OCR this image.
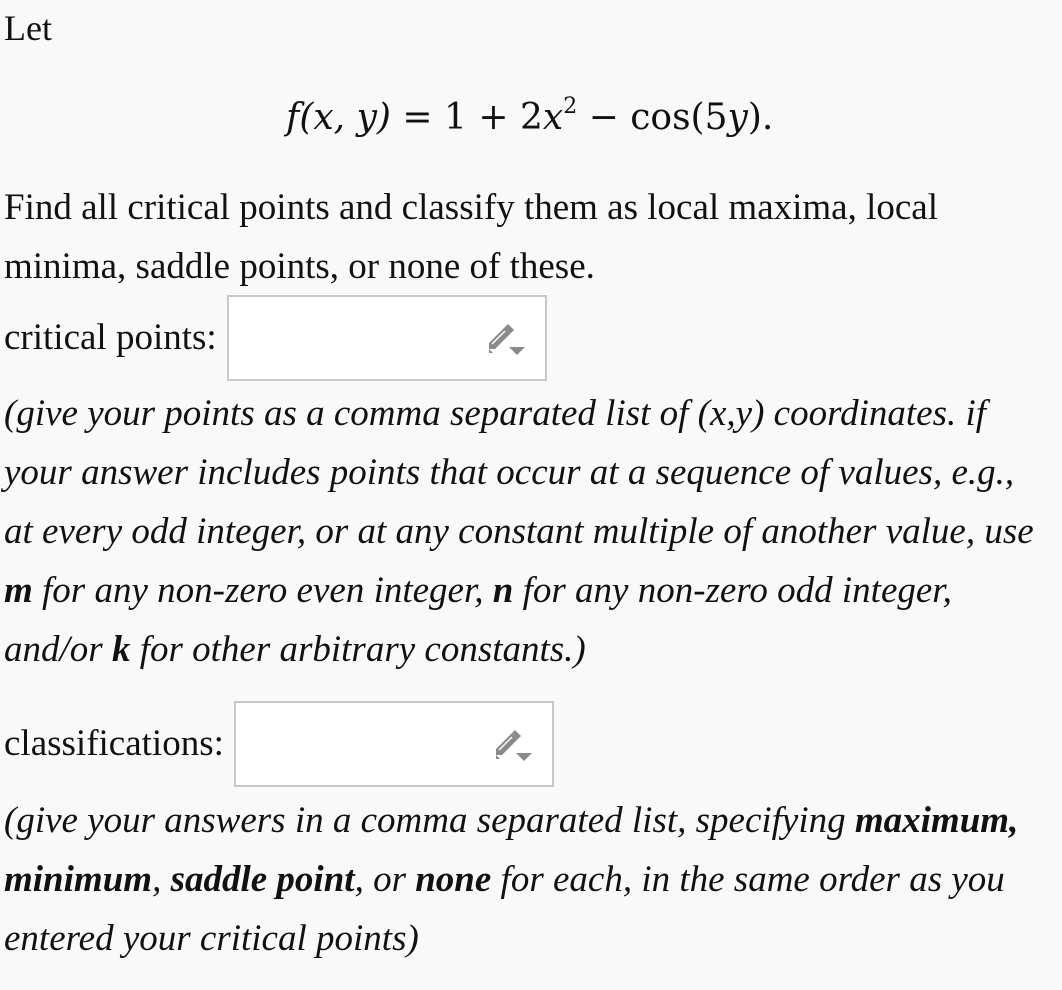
Let
f(x, $y) = 1 + 2x^2 - \cos(5y)$.
Find all critical points and classify them as local maxima, local minima, saddle points, or none of these.
critical points:
(give your points as a comma separated list of (x,y) coordinates. if your answer includes points that occur at a sequence of values, e.g., at every odd integer, or at any constant multiple of another value, use m for any non-zero even integer, n for any non-zero odd integer, and/or k for other arbitrary constants.)
classifications:
(give your answers in a comma separated list, specifying maximum, minimum, saddle point, or none for each, in the same order as you entered your critical points)
